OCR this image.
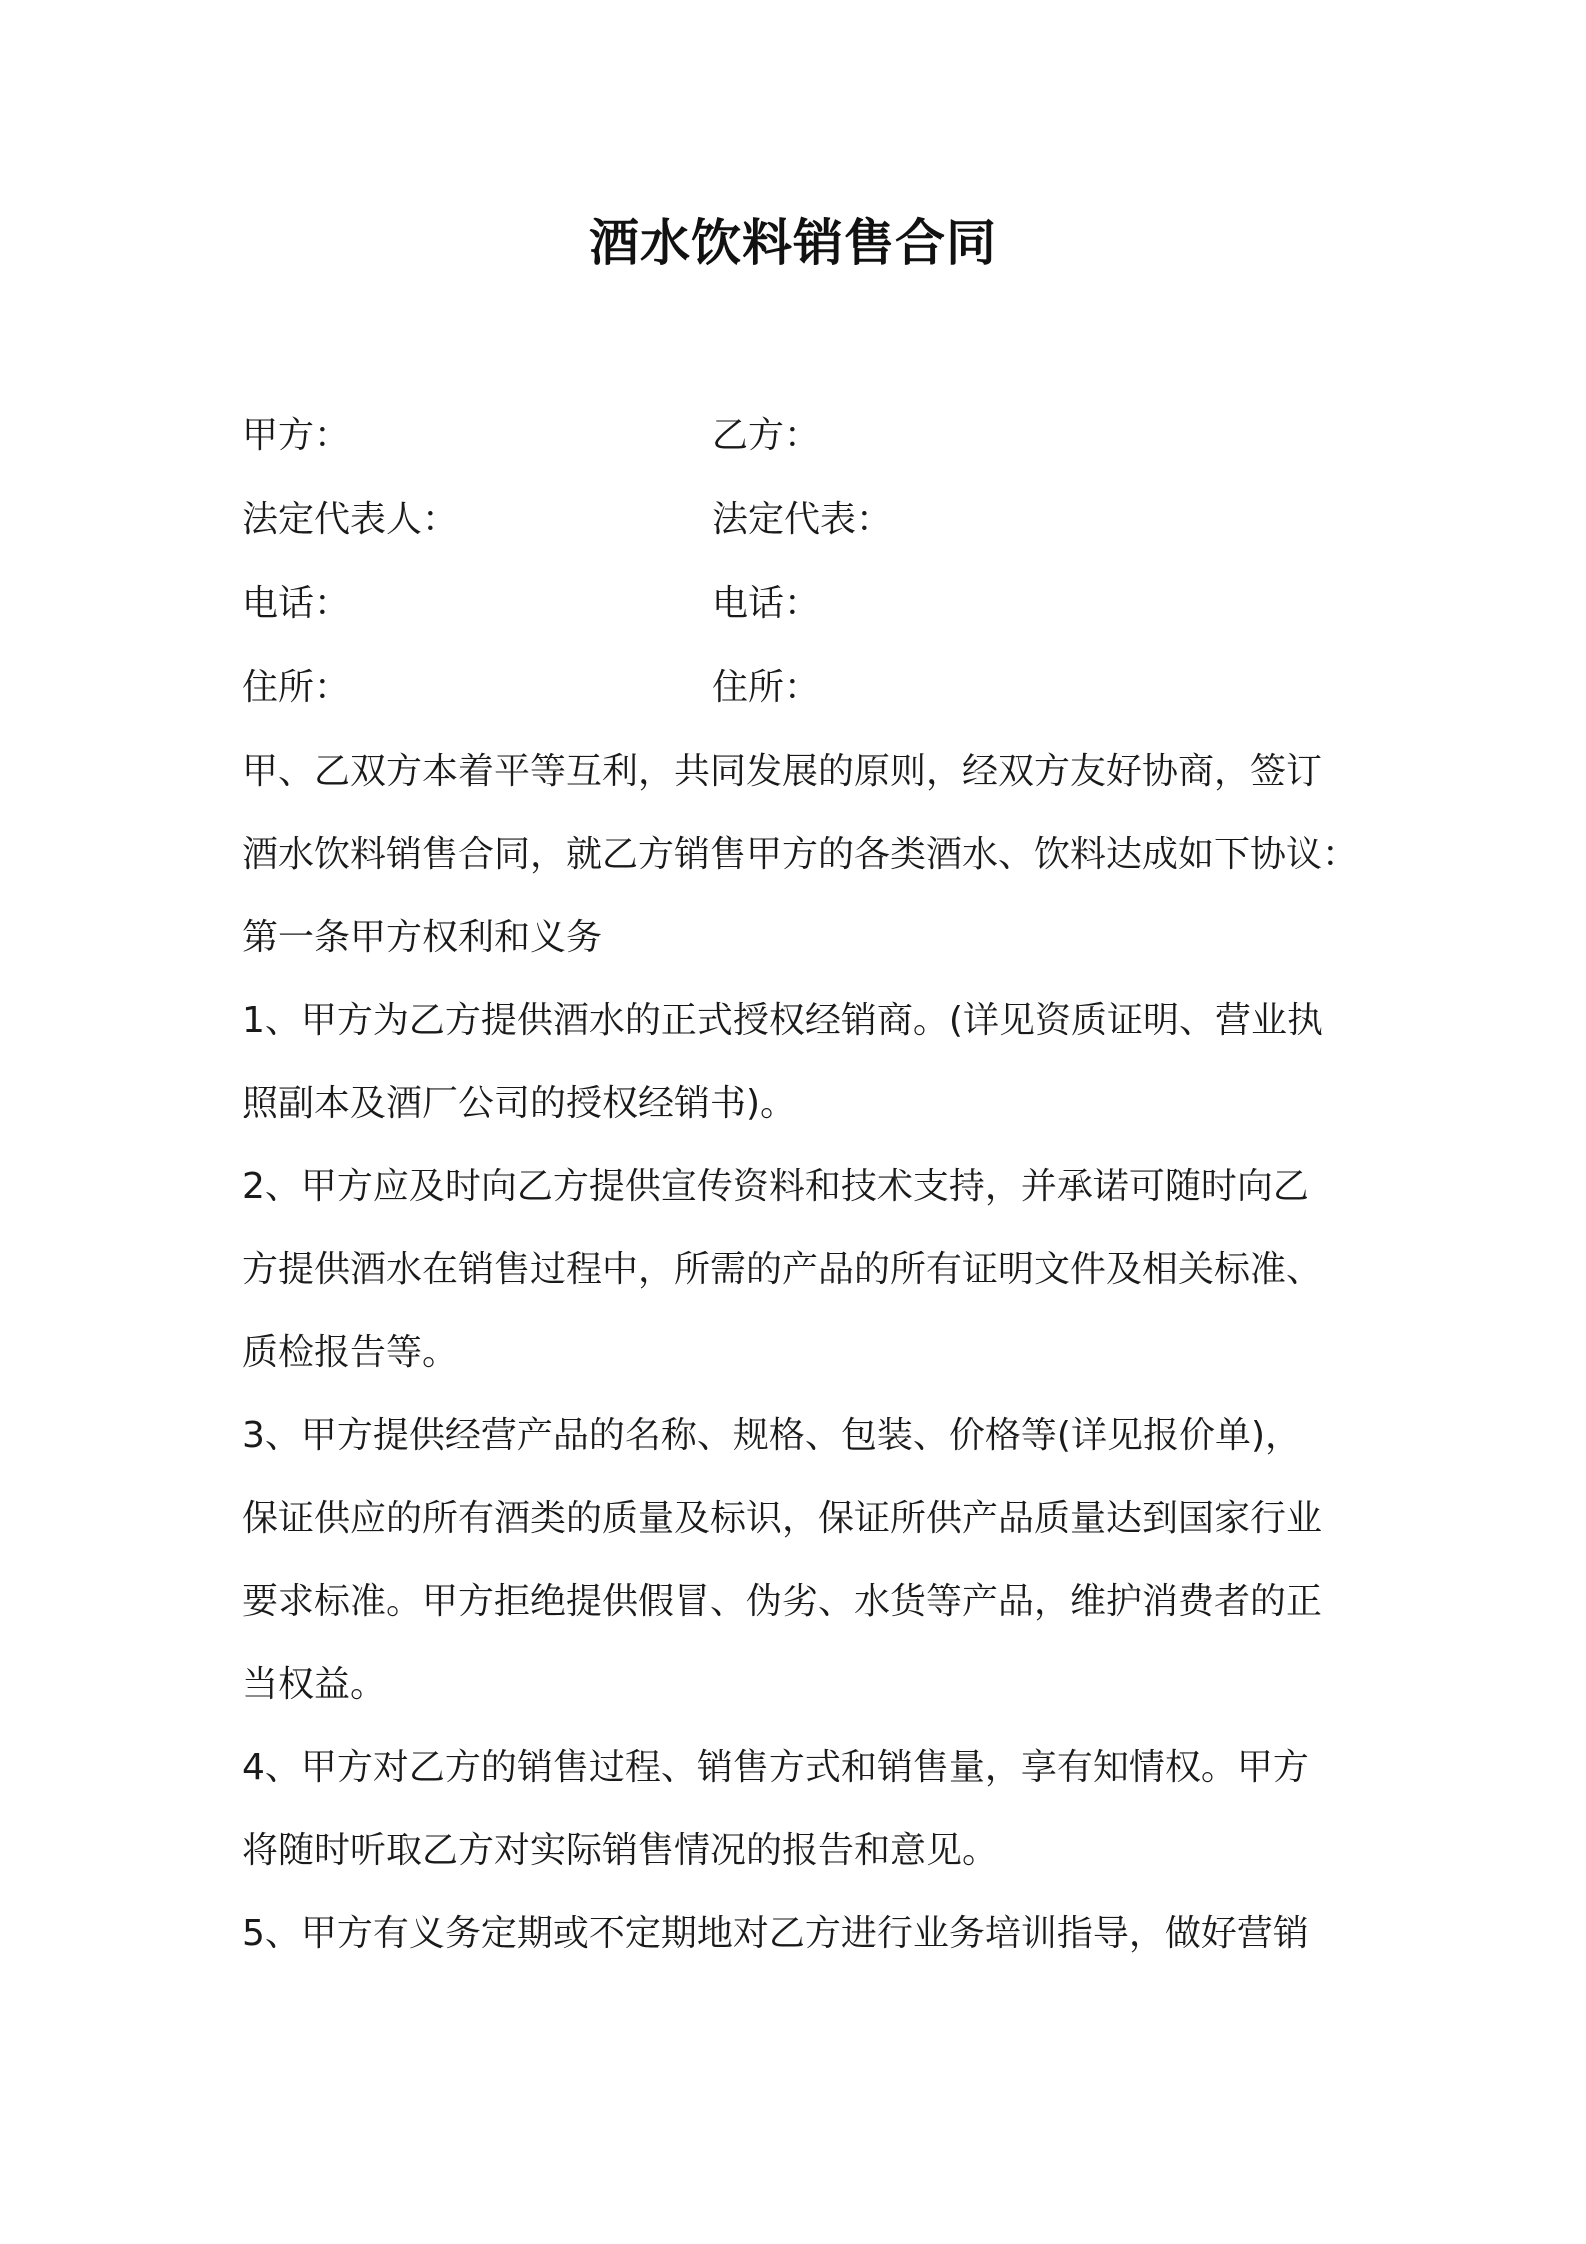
酒水饮料销售合同
甲方：	乙方：
法定代表人：	法定代表：
电话：	电话：
住所：	住所：
甲、乙双方本着平等互利，共同发展的原则，经双方友好协商，签订
酒水饮料销售合同，就乙方销售甲方的各类酒水、饮料达成如下协议：
第一条甲方权利和义务
1、甲方为乙方提供酒水的正式授权经销商。(详见资质证明、营业执
照副本及酒厂公司的授权经销书)。
2、甲方应及时向乙方提供宣传资料和技术支持，并承诺可随时向乙
方提供酒水在销售过程中，所需的产品的所有证明文件及相关标准、
质检报告等。
3、甲方提供经营产品的名称、规格、包装、价格等(详见报价单)，
保证供应的所有酒类的质量及标识，保证所供产品质量达到国家行业
要求标准。甲方拒绝提供假冒、伪劣、水货等产品，维护消费者的正
当权益。
4、甲方对乙方的销售过程、销售方式和销售量，享有知情权。甲方
将随时听取乙方对实际销售情况的报告和意见。
5、甲方有义务定期或不定期地对乙方进行业务培训指导，做好营销
